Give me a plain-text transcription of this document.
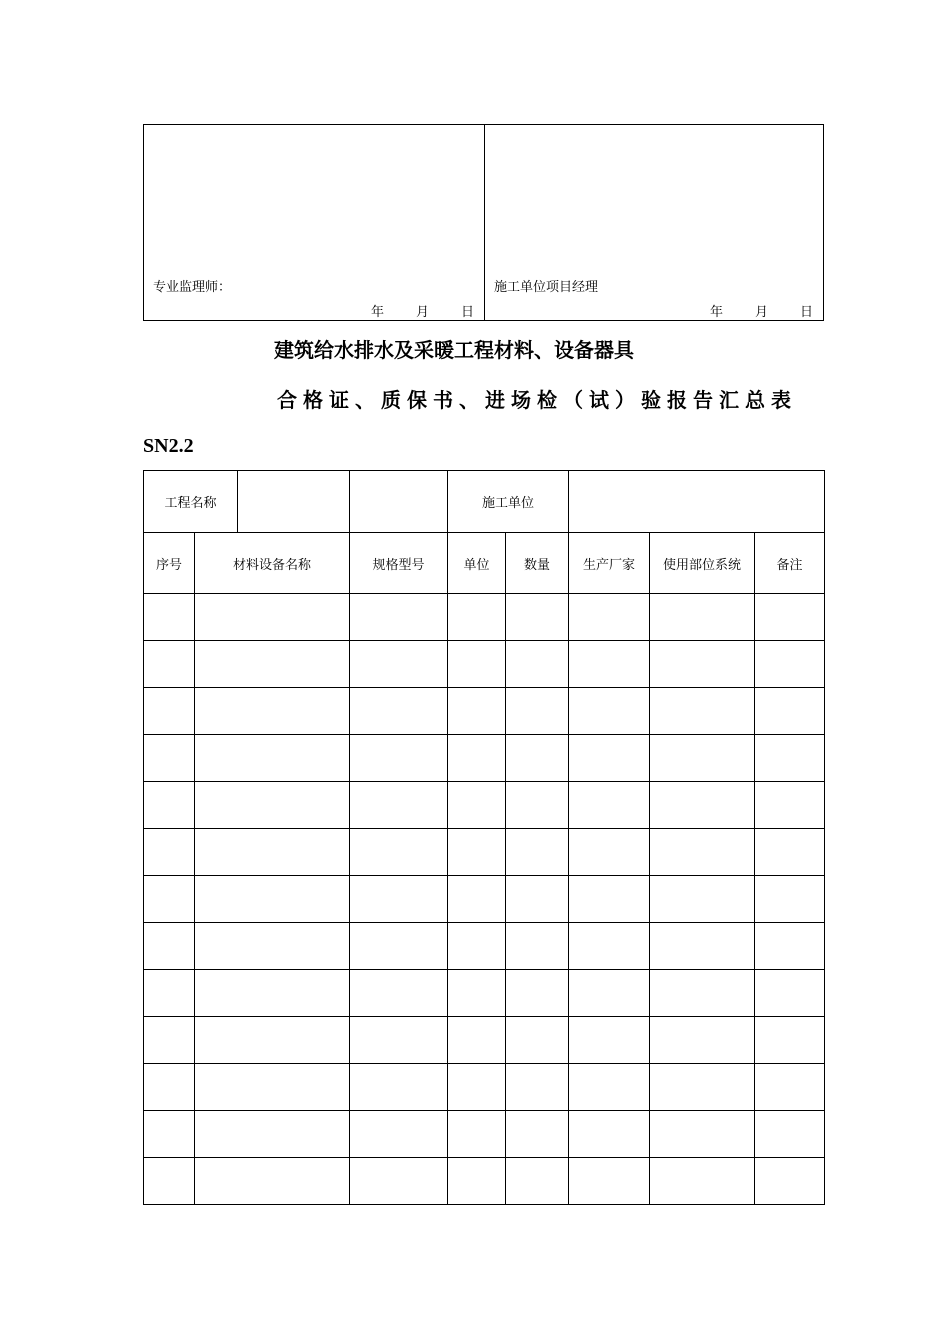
专业监理师：
年 月 日
施工单位项目经理
年 月 日
建筑给水排水及采暖工程材料、设备器具
合格证、质保书、进场检（试）验报告汇总表
SN2.2
工程名称			施工单位				
序号	材料设备名称	规格型号	单位	数量	生产厂家	使用部位系统	备注
